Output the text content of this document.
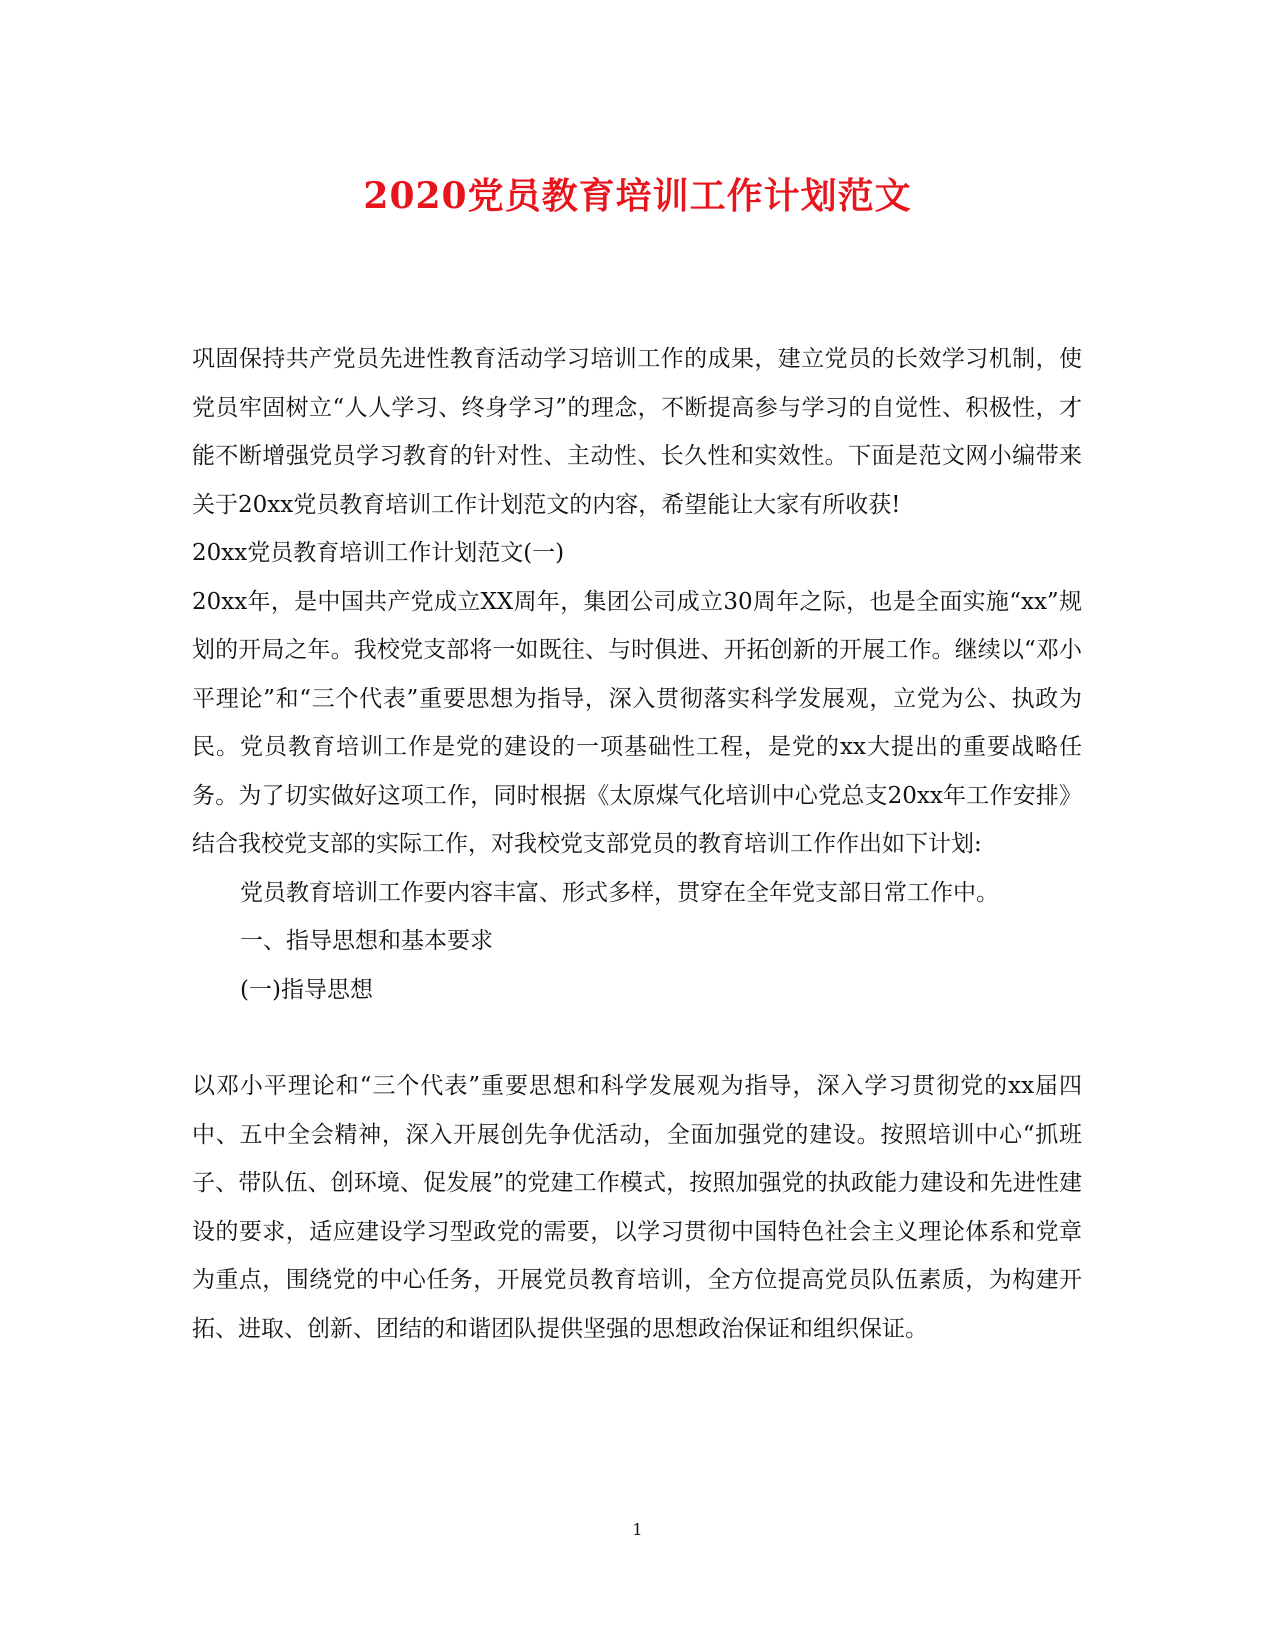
2020党员教育培训工作计划范文

巩固保持共产党员先进性教育活动学习培训工作的成果，建立党员的长效学习机制，使党员牢固树立“人人学习、终身学习”的理念，不断提高参与学习的自觉性、积极性，才能不断增强党员学习教育的针对性、主动性、长久性和实效性。下面是范文网小编带来关于20xx党员教育培训工作计划范文的内容，希望能让大家有所收获!

20xx党员教育培训工作计划范文(一)

20xx年，是中国共产党成立XX周年，集团公司成立30周年之际，也是全面实施“xx”规划的开局之年。我校党支部将一如既往、与时俱进、开拓创新的开展工作。继续以“邓小平理论”和“三个代表”重要思想为指导，深入贯彻落实科学发展观，立党为公、执政为民。党员教育培训工作是党的建设的一项基础性工程，是党的xx大提出的重要战略任务。为了切实做好这项工作，同时根据《太原煤气化培训中心党总支20xx年工作安排》结合我校党支部的实际工作，对我校党支部党员的教育培训工作作出如下计划:

党员教育培训工作要内容丰富、形式多样，贯穿在全年党支部日常工作中。

一、指导思想和基本要求

(一)指导思想

以邓小平理论和“三个代表”重要思想和科学发展观为指导，深入学习贯彻党的xx届四中、五中全会精神，深入开展创先争优活动，全面加强党的建设。按照培训中心“抓班子、带队伍、创环境、促发展”的党建工作模式，按照加强党的执政能力建设和先进性建设的要求，适应建设学习型政党的需要，以学习贯彻中国特色社会主义理论体系和党章为重点，围绕党的中心任务，开展党员教育培训，全方位提高党员队伍素质，为构建开拓、进取、创新、团结的和谐团队提供坚强的思想政治保证和组织保证。

1
